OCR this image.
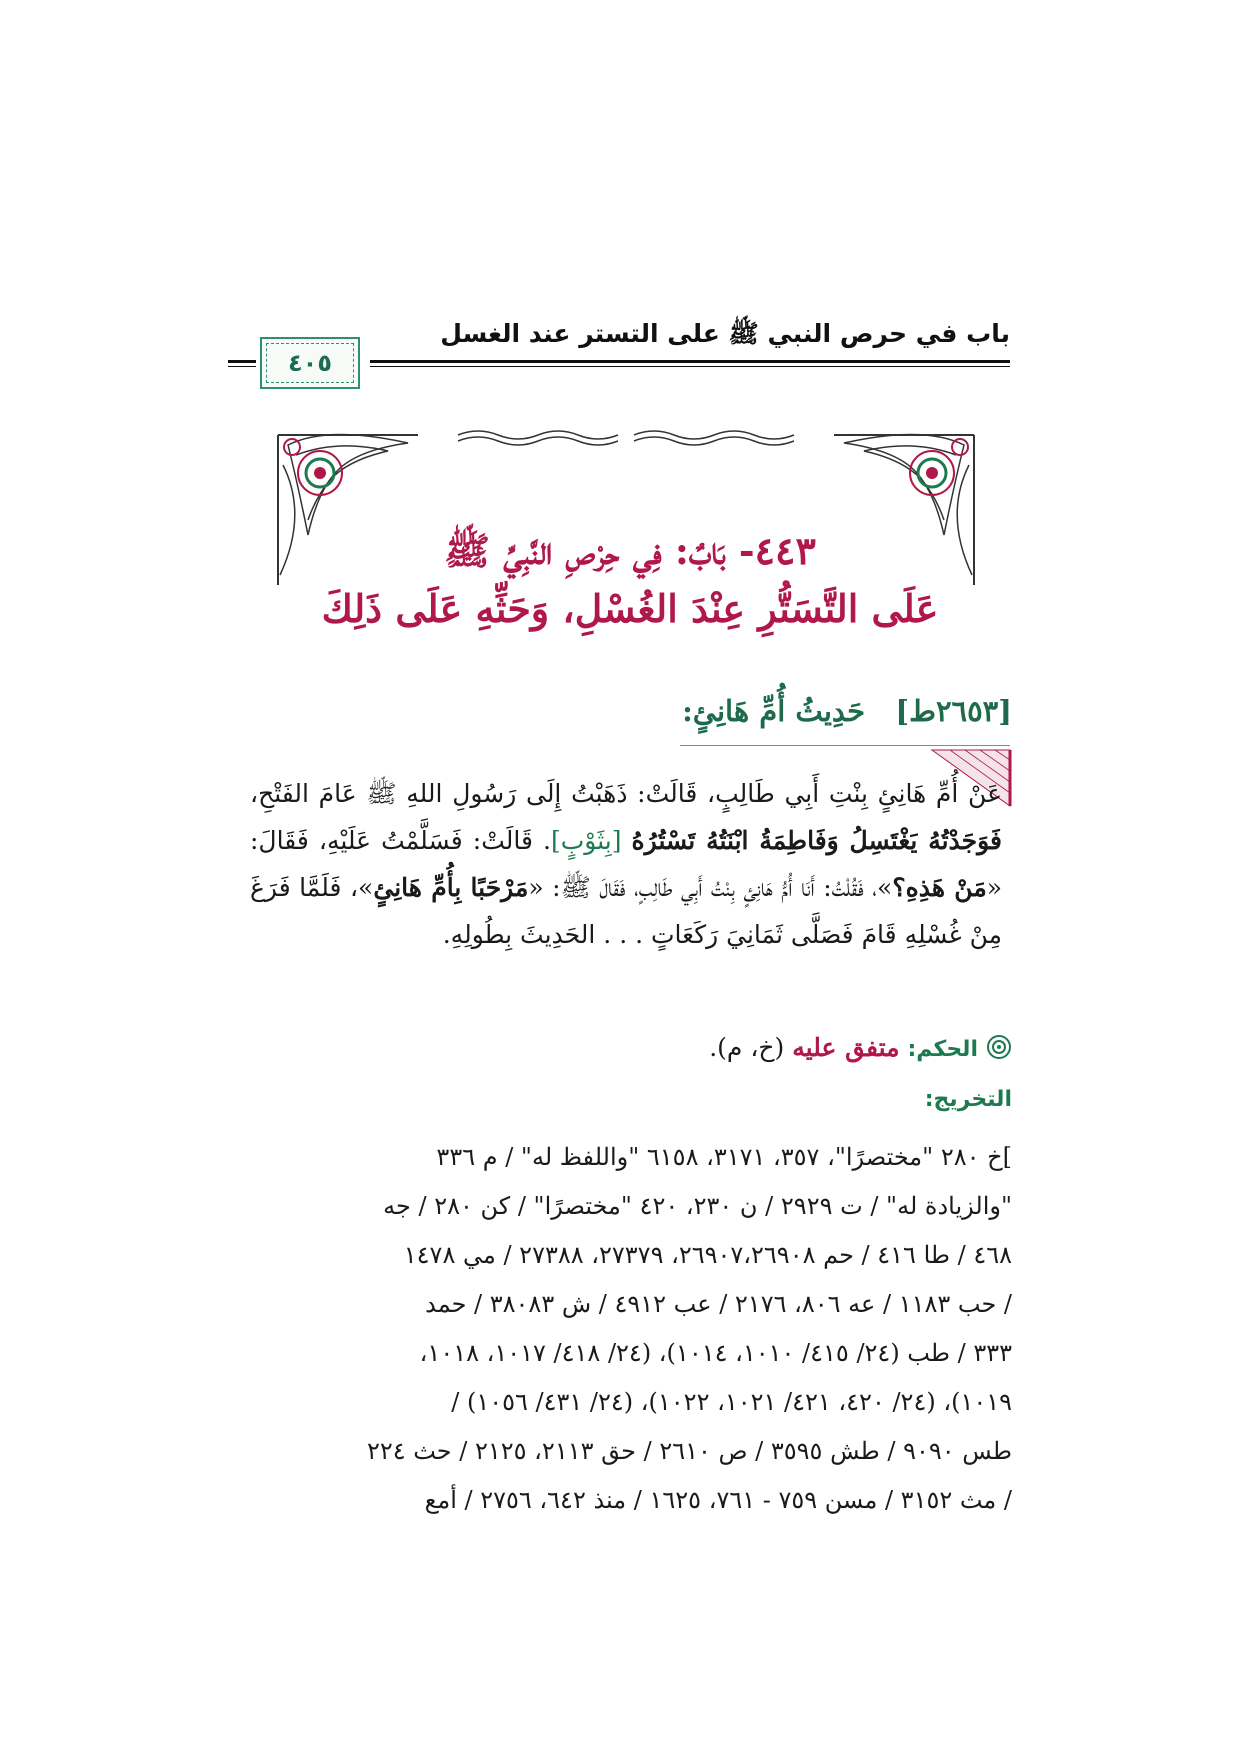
باب في حرص النبي ﷺ على التستر عند الغسل
٤٠٥
٤٤٣- بَابٌ: فِي حِرْصِ النَّبِيِّ ﷺ
عَلَى التَّسَتُّرِ عِنْدَ الغُسْلِ، وَحَثِّهِ عَلَى ذَلِكَ
[٢٦٥٣ط]   حَدِيثُ أُمِّ هَانِئٍ:
عَنْ أُمِّ هَانِئٍ بِنْتِ أَبِي طَالِبٍ، قَالَتْ: ذَهَبْتُ إِلَى رَسُولِ اللهِ ﷺ عَامَ الفَتْحِ، فَوَجَدْتُهُ يَغْتَسِلُ وَفَاطِمَةُ ابْنَتُهُ تَسْتُرُهُ [بِثَوْبٍ]. قَالَتْ: فَسَلَّمْتُ عَلَيْهِ، فَقَالَ: «مَنْ هَذِهِ؟»، فَقُلْتُ: أَنَا أُمُّ هَانِئٍ بِنْتُ أَبِي طَالِبٍ، فَقَالَ ﷺ: «مَرْحَبًا بِأُمِّ هَانِئٍ»، فَلَمَّا فَرَغَ مِنْ غُسْلِهِ قَامَ فَصَلَّى ثَمَانِيَ رَكَعَاتٍ . . . الحَدِيثَ بِطُولِهِ.
الحكم: متفق عليه (خ، م).
التخريج:
]خ ٢٨٠ "مختصرًا"، ٣٥٧، ٣١٧١، ٦١٥٨ "واللفظ له" / م ٣٣٦
"والزيادة له" / ت ٢٩٢٩ / ن ٢٣٠، ٤٢٠ "مختصرًا" / كن ٢٨٠ / جه
٤٦٨ / طا ٤١٦ / حم ٢٦٩٠٧،٢٦٩٠٨، ٢٧٣٧٩، ٢٧٣٨٨ / مي ١٤٧٨
/ حب ١١٨٣ / عه ٨٠٦، ٢١٧٦ / عب ٤٩١٢ / ش ٣٨٠٨٣ / حمد
٣٣٣ / طب (٢٤/ ٤١٥/ ١٠١٠، ١٠١٤)، (٢٤/ ٤١٨/ ١٠١٧، ١٠١٨،
١٠١٩)، (٢٤/ ٤٢٠، ٤٢١/ ١٠٢١، ١٠٢٢)، (٢٤/ ٤٣١/ ١٠٥٦) /
طس ٩٠٩٠ / طش ٣٥٩٥ / ص ٢٦١٠ / حق ٢١١٣، ٢١٢٥ / حث ٢٢٤
/ مث ٣١٥٢ / مسن ٧٥٩ - ٧٦١، ١٦٢٥ / منذ ٦٤٢، ٢٧٥٦ / أمع
